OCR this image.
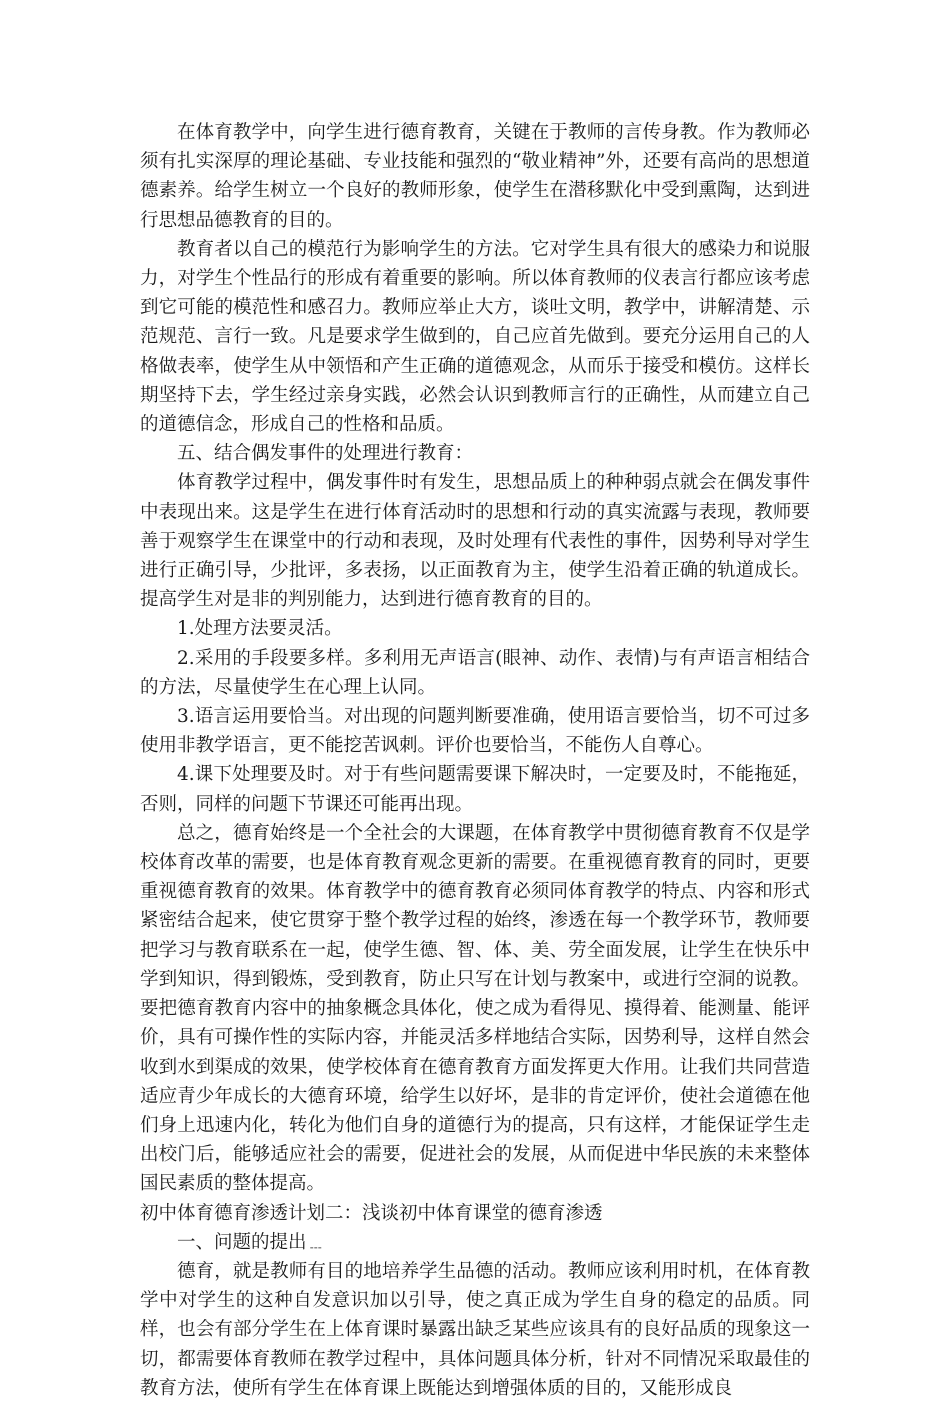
在体育教学中，向学生进行德育教育，关键在于教师的言传身教。作为教师必须有扎实深厚的理论基础、专业技能和强烈的“敬业精神”外，还要有高尚的思想道德素养。给学生树立一个良好的教师形象，使学生在潜移默化中受到熏陶，达到进行思想品德教育的目的。

教育者以自己的模范行为影响学生的方法。它对学生具有很大的感染力和说服力，对学生个性品行的形成有着重要的影响。所以体育教师的仪表言行都应该考虑到它可能的模范性和感召力。教师应举止大方，谈吐文明，教学中，讲解清楚、示范规范、言行一致。凡是要求学生做到的，自己应首先做到。要充分运用自己的人格做表率，使学生从中领悟和产生正确的道德观念，从而乐于接受和模仿。这样长期坚持下去，学生经过亲身实践，必然会认识到教师言行的正确性，从而建立自己的道德信念，形成自己的性格和品质。

五、结合偶发事件的处理进行教育：

体育教学过程中，偶发事件时有发生，思想品质上的种种弱点就会在偶发事件中表现出来。这是学生在进行体育活动时的思想和行动的真实流露与表现，教师要善于观察学生在课堂中的行动和表现，及时处理有代表性的事件，因势利导对学生进行正确引导，少批评，多表扬，以正面教育为主，使学生沿着正确的轨道成长。提高学生对是非的判别能力，达到进行德育教育的目的。

1.处理方法要灵活。

2.采用的手段要多样。多利用无声语言(眼神、动作、表情)与有声语言相结合的方法，尽量使学生在心理上认同。

3.语言运用要恰当。对出现的问题判断要准确，使用语言要恰当，切不可过多使用非教学语言，更不能挖苦讽刺。评价也要恰当，不能伤人自尊心。

4.课下处理要及时。对于有些问题需要课下解决时，一定要及时，不能拖延，否则，同样的问题下节课还可能再出现。

总之，德育始终是一个全社会的大课题，在体育教学中贯彻德育教育不仅是学校体育改革的需要，也是体育教育观念更新的需要。在重视德育教育的同时，更要重视德育教育的效果。体育教学中的德育教育必须同体育教学的特点、内容和形式紧密结合起来，使它贯穿于整个教学过程的始终，渗透在每一个教学环节，教师要把学习与教育联系在一起，使学生德、智、体、美、劳全面发展，让学生在快乐中学到知识，得到锻炼，受到教育，防止只写在计划与教案中，或进行空洞的说教。要把德育教育内容中的抽象概念具体化，使之成为看得见、摸得着、能测量、能评价，具有可操作性的实际内容，并能灵活多样地结合实际，因势利导，这样自然会收到水到渠成的效果，使学校体育在德育教育方面发挥更大作用。让我们共同营造适应青少年成长的大德育环境，给学生以好坏，是非的肯定评价，使社会道德在他们身上迅速内化，转化为他们自身的道德行为的提高，只有这样，才能保证学生走出校门后，能够适应社会的需要，促进社会的发展，从而促进中华民族的未来整体国民素质的整体提高。

初中体育德育渗透计划二：浅谈初中体育课堂的德育渗透

一、问题的提出﹍

德育，就是教师有目的地培养学生品德的活动。教师应该利用时机，在体育教学中对学生的这种自发意识加以引导，使之真正成为学生自身的稳定的品质。同样，也会有部分学生在上体育课时暴露出缺乏某些应该具有的良好品质的现象这一切，都需要体育教师在教学过程中，具体问题具体分析，针对不同情况采取最佳的教育方法，使所有学生在体育课上既能达到增强体质的目的，又能形成良
